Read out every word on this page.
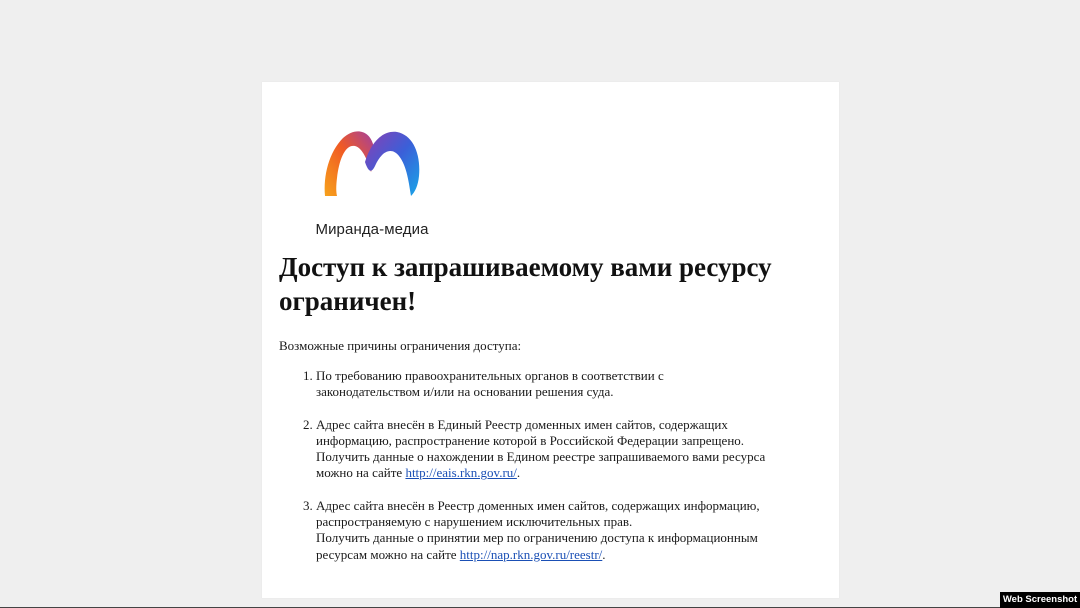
Миранда-медиа
Доступ к запрашиваемому вами ресурсу ограничен!

Возможные причины ограничения доступа:

1. По требованию правоохранительных органов в соответствии с
законодательством и/или на основании решения суда.
2. Адрес сайта внесён в Единый Реестр доменных имен сайтов, содержащих
информацию, распространение которой в Российской Федерации запрещено.
Получить данные о нахождении в Едином реестре запрашиваемого вами ресурса
можно на сайте http://eais.rkn.gov.ru/.
3. Адрес сайта внесён в Реестр доменных имен сайтов, содержащих информацию,
распространяемую с нарушением исключительных прав.
Получить данные о принятии мер по ограничению доступа к информационным
ресурсам можно на сайте http://nap.rkn.gov.ru/reestr/.
Web Screenshot
